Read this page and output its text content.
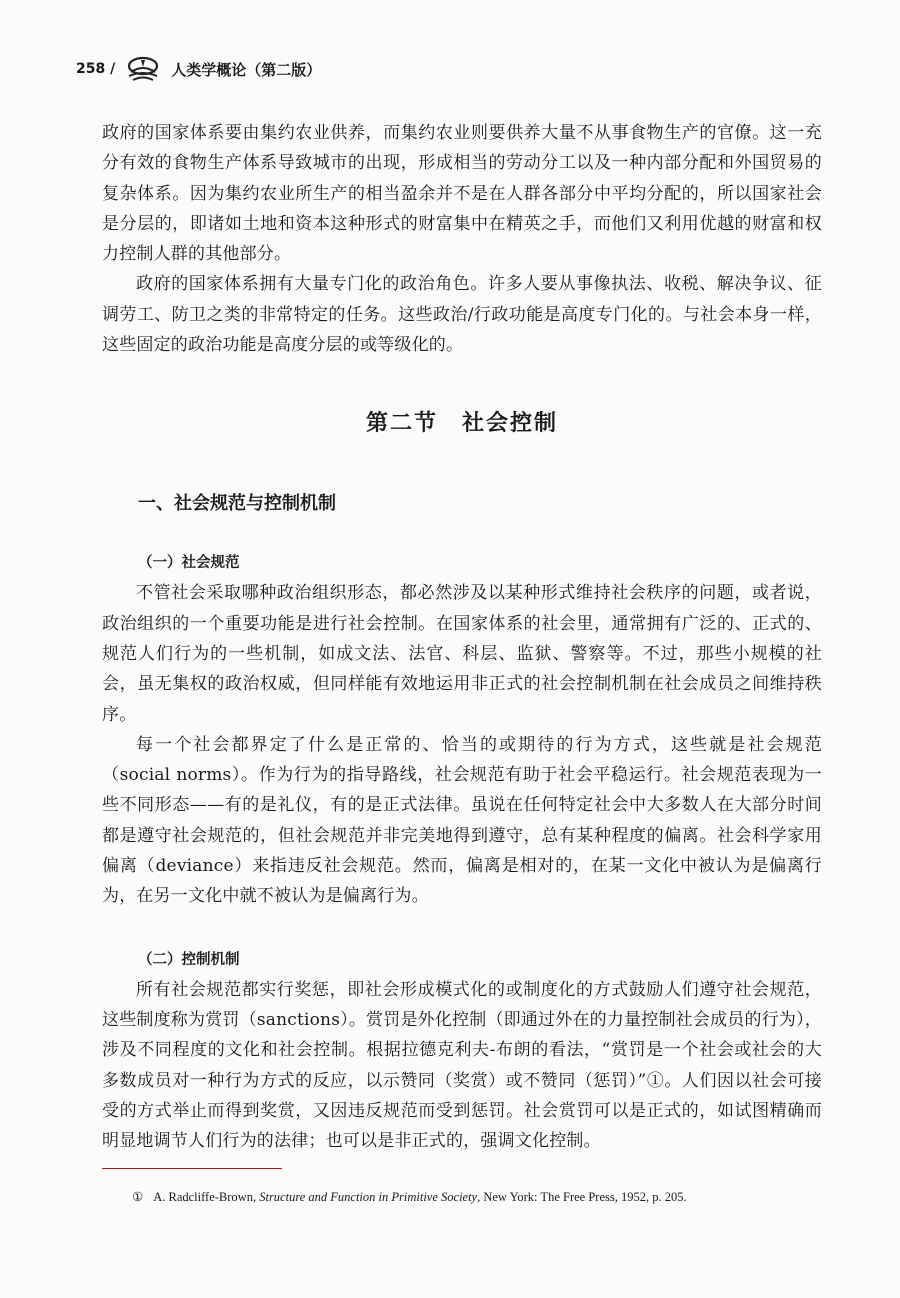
258 /	人类学概论（第二版）

政府的国家体系要由集约农业供养，而集约农业则要供养大量不从事食物生产的官僚。这一充分有效的食物生产体系导致城市的出现，形成相当的劳动分工以及一种内部分配和外国贸易的复杂体系。因为集约农业所生产的相当盈余并不是在人群各部分中平均分配的，所以国家社会是分层的，即诸如土地和资本这种形式的财富集中在精英之手，而他们又利用优越的财富和权力控制人群的其他部分。

政府的国家体系拥有大量专门化的政治角色。许多人要从事像执法、收税、解决争议、征调劳工、防卫之类的非常特定的任务。这些政治/行政功能是高度专门化的。与社会本身一样，这些固定的政治功能是高度分层的或等级化的。

第二节　社会控制
一、社会规范与控制机制
（一）社会规范

不管社会采取哪种政治组织形态，都必然涉及以某种形式维持社会秩序的问题，或者说，政治组织的一个重要功能是进行社会控制。在国家体系的社会里，通常拥有广泛的、正式的、规范人们行为的一些机制，如成文法、法官、科层、监狱、警察等。不过，那些小规模的社会，虽无集权的政治权威，但同样能有效地运用非正式的社会控制机制在社会成员之间维持秩序。

每一个社会都界定了什么是正常的、恰当的或期待的行为方式，这些就是社会规范（social norms）。作为行为的指导路线，社会规范有助于社会平稳运行。社会规范表现为一些不同形态——有的是礼仪，有的是正式法律。虽说在任何特定社会中大多数人在大部分时间都是遵守社会规范的，但社会规范并非完美地得到遵守，总有某种程度的偏离。社会科学家用偏离（deviance）来指违反社会规范。然而，偏离是相对的，在某一文化中被认为是偏离行为，在另一文化中就不被认为是偏离行为。

（二）控制机制

所有社会规范都实行奖惩，即社会形成模式化的或制度化的方式鼓励人们遵守社会规范，这些制度称为赏罚（sanctions）。赏罚是外化控制（即通过外在的力量控制社会成员的行为），涉及不同程度的文化和社会控制。根据拉德克利夫-布朗的看法，“赏罚是一个社会或社会的大多数成员对一种行为方式的反应，以示赞同（奖赏）或不赞同（惩罚）”①。人们因以社会可接受的方式举止而得到奖赏，又因违反规范而受到惩罚。社会赏罚可以是正式的，如试图精确而明显地调节人们行为的法律；也可以是非正式的，强调文化控制。

① A. Radcliffe-Brown, Structure and Function in Primitive Society, New York: The Free Press, 1952, p. 205.
